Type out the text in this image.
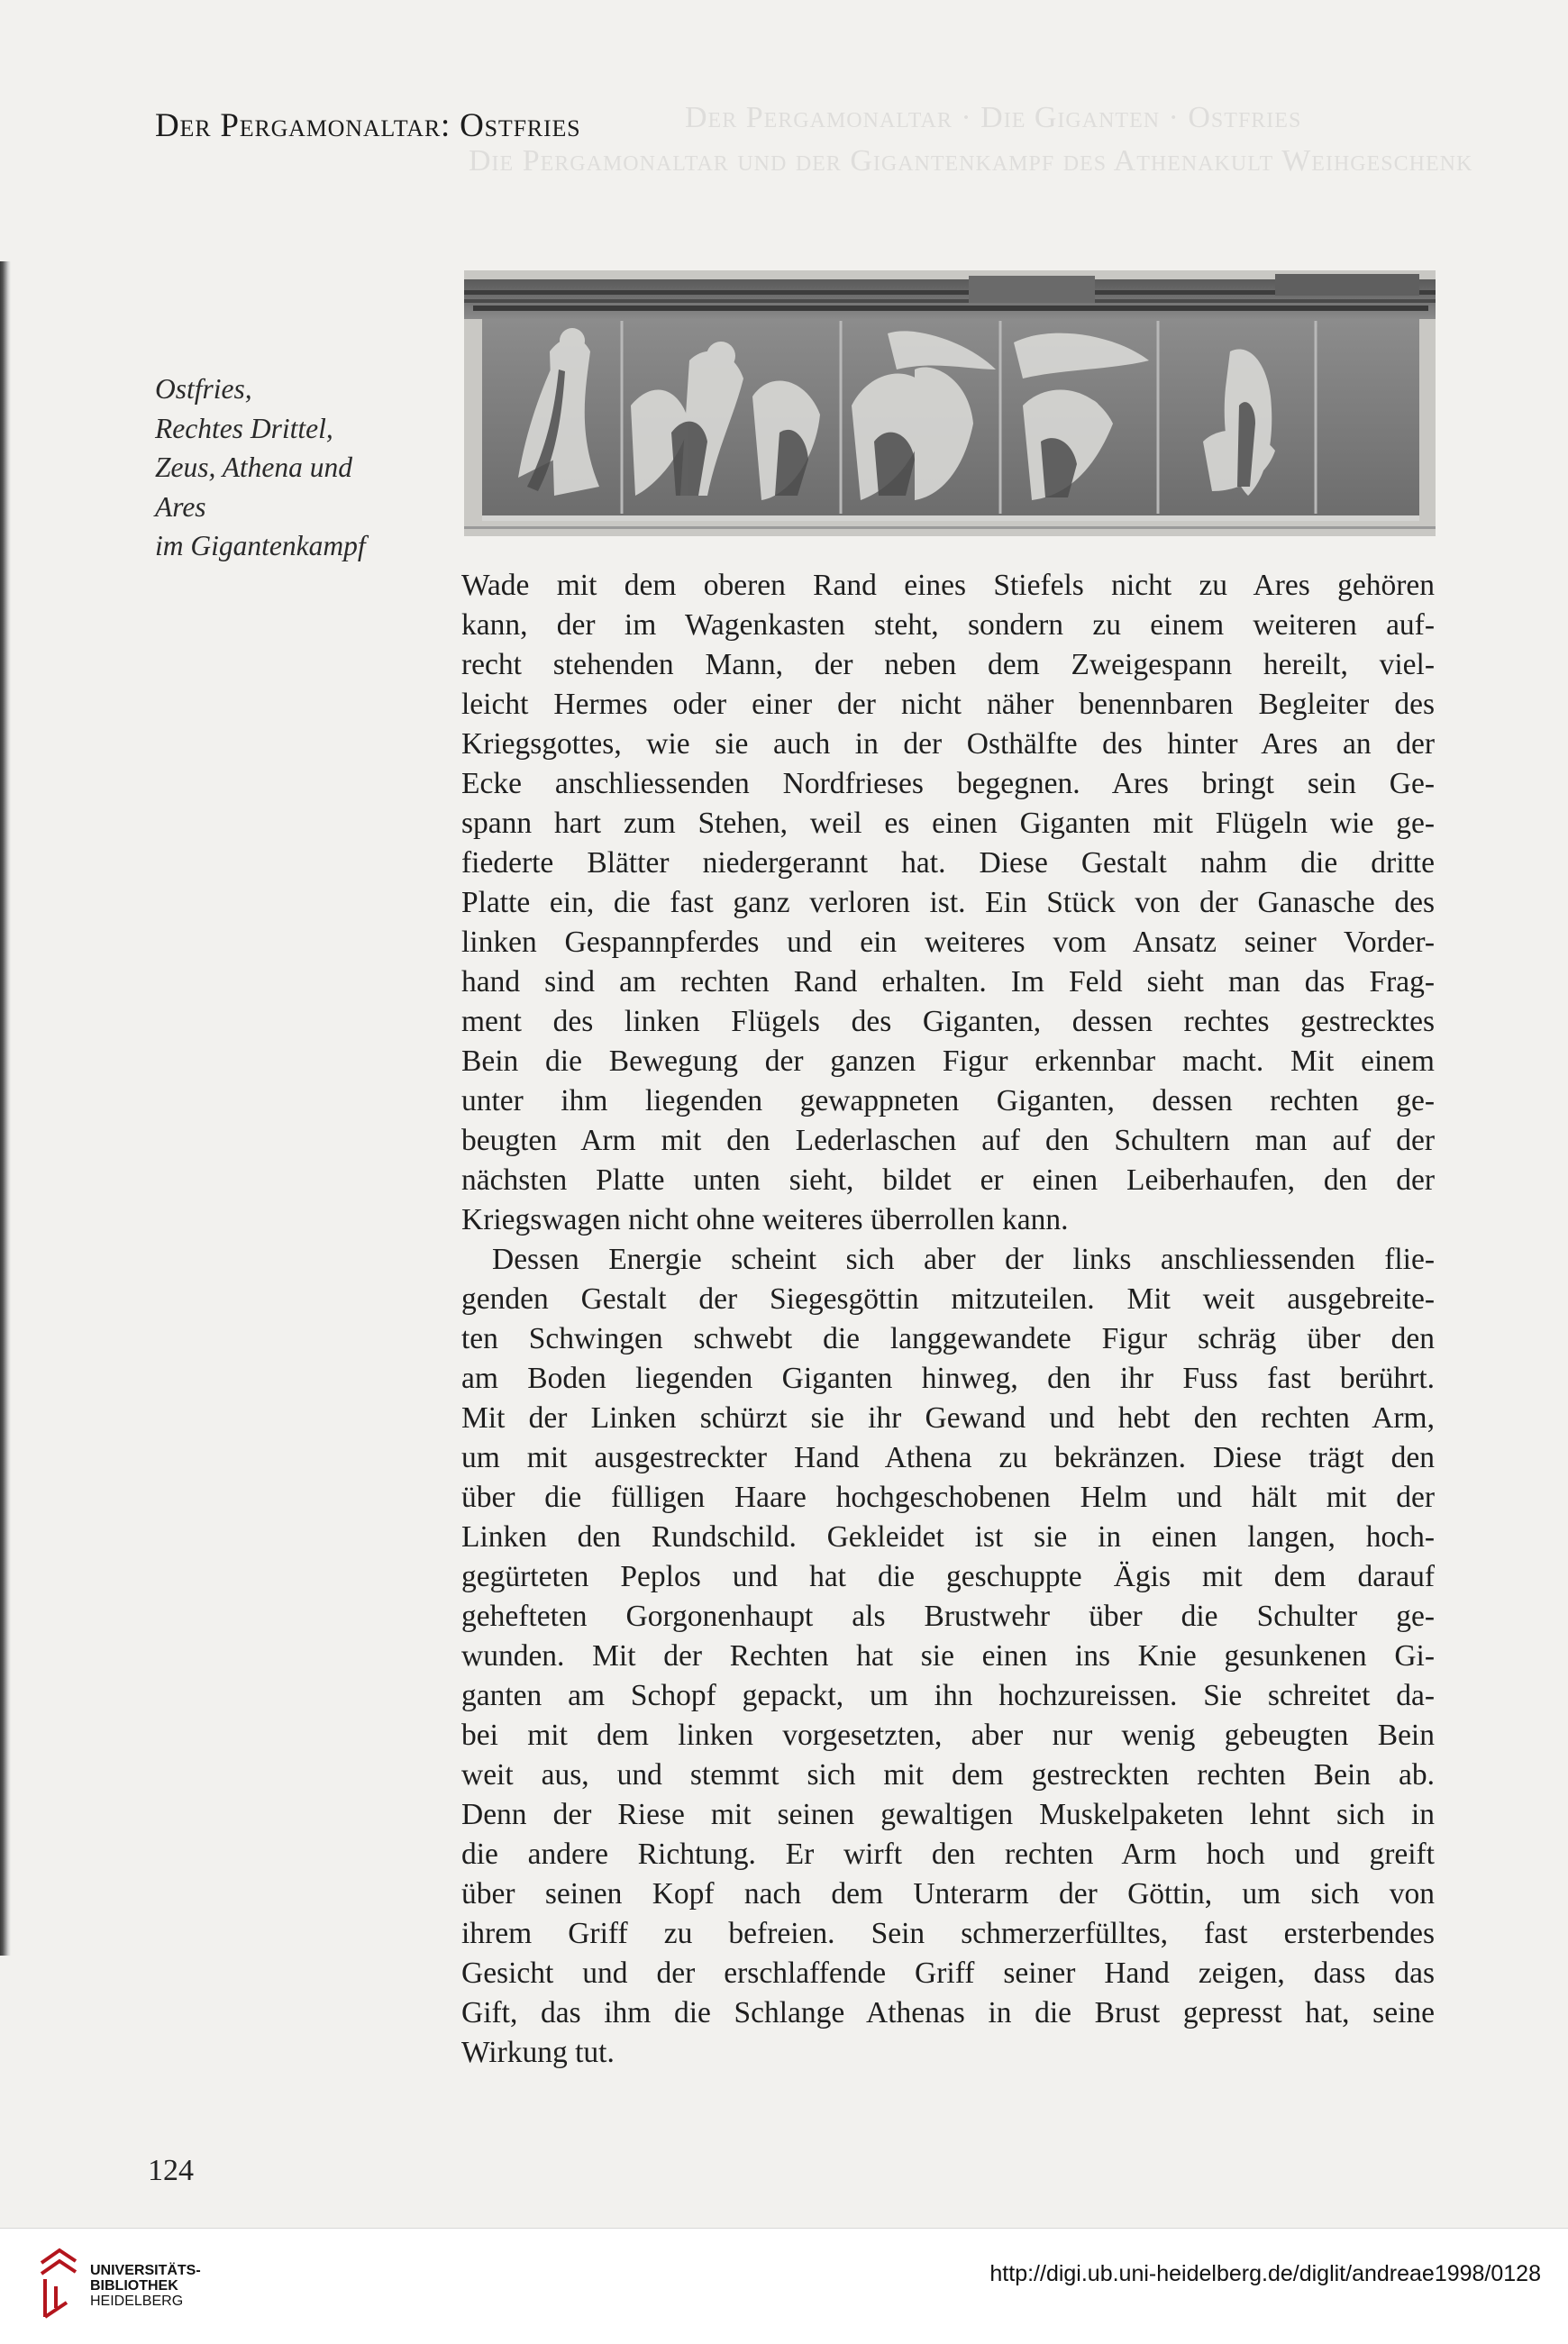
Der Pergamonaltar · Die Giganten · Ostfries
Die Pergamonaltar und der Gigantenkampf des Athenakult Weihgeschenk
Der Pergamonaltar: Ostfries
Ostfries,
Rechtes Drittel,
Zeus, Athena und
Ares
im Gigantenkampf
Wade mit dem oberen Rand eines Stiefels nicht zu Ares gehören
kann, der im Wagenkasten steht, sondern zu einem weiteren auf-
recht stehenden Mann, der neben dem Zweigespann hereilt, viel-
leicht Hermes oder einer der nicht näher benennbaren Begleiter des
Kriegsgottes, wie sie auch in der Osthälfte des hinter Ares an der
Ecke anschliessenden Nordfrieses begegnen. Ares bringt sein Ge-
spann hart zum Stehen, weil es einen Giganten mit Flügeln wie ge-
fiederte Blätter niedergerannt hat. Diese Gestalt nahm die dritte
Platte ein, die fast ganz verloren ist. Ein Stück von der Ganasche des
linken Gespannpferdes und ein weiteres vom Ansatz seiner Vorder-
hand sind am rechten Rand erhalten. Im Feld sieht man das Frag-
ment des linken Flügels des Giganten, dessen rechtes gestrecktes
Bein die Bewegung der ganzen Figur erkennbar macht. Mit einem
unter ihm liegenden gewappneten Giganten, dessen rechten ge-
beugten Arm mit den Lederlaschen auf den Schultern man auf der
nächsten Platte unten sieht, bildet er einen Leiberhaufen, den der
Kriegswagen nicht ohne weiteres überrollen kann.
Dessen Energie scheint sich aber der links anschliessenden flie-
genden Gestalt der Siegesgöttin mitzuteilen. Mit weit ausgebreite-
ten Schwingen schwebt die langgewandete Figur schräg über den
am Boden liegenden Giganten hinweg, den ihr Fuss fast berührt.
Mit der Linken schürzt sie ihr Gewand und hebt den rechten Arm,
um mit ausgestreckter Hand Athena zu bekränzen. Diese trägt den
über die fülligen Haare hochgeschobenen Helm und hält mit der
Linken den Rundschild. Gekleidet ist sie in einen langen, hoch-
gegürteten Peplos und hat die geschuppte Ägis mit dem darauf
gehefteten Gorgonenhaupt als Brustwehr über die Schulter ge-
wunden. Mit der Rechten hat sie einen ins Knie gesunkenen Gi-
ganten am Schopf gepackt, um ihn hochzureissen. Sie schreitet da-
bei mit dem linken vorgesetzten, aber nur wenig gebeugten Bein
weit aus, und stemmt sich mit dem gestreckten rechten Bein ab.
Denn der Riese mit seinen gewaltigen Muskelpaketen lehnt sich in
die andere Richtung. Er wirft den rechten Arm hoch und greift
über seinen Kopf nach dem Unterarm der Göttin, um sich von
ihrem Griff zu befreien. Sein schmerzerfülltes, fast ersterbendes
Gesicht und der erschlaffende Griff seiner Hand zeigen, dass das
Gift, das ihm die Schlange Athenas in die Brust gepresst hat, seine
Wirkung tut.
124
UNIVERSITÄTS-
BIBLIOTHEK
HEIDELBERG
http://digi.ub.uni-heidelberg.de/diglit/andreae1998/0128
